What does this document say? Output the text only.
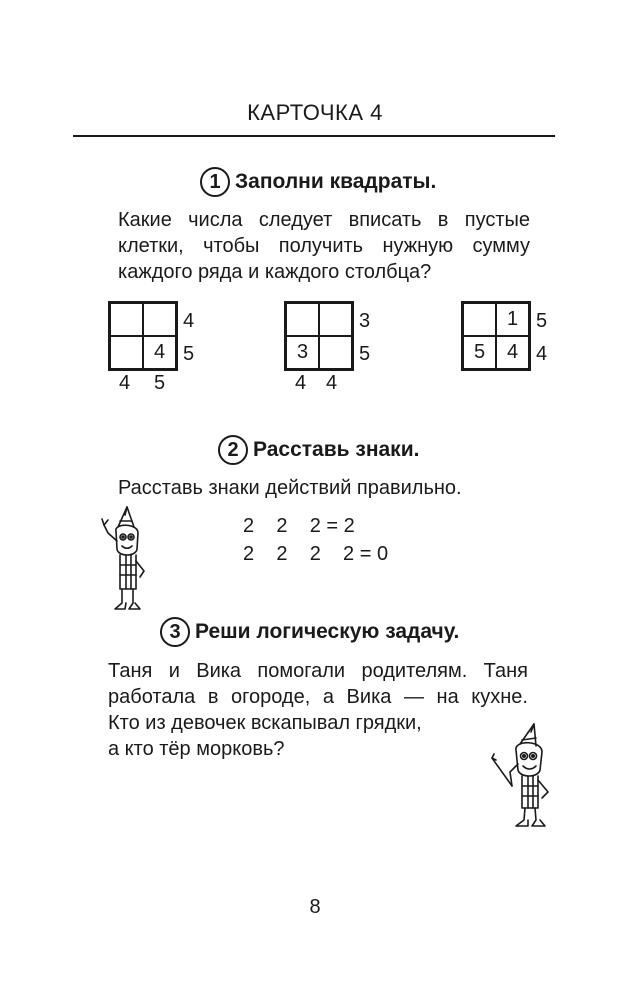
КАРТОЧКА 4
1 Заполни квадраты.
Какие числа следует вписать в пустые
клетки, чтобы получить нужную сумму
каждого ряда и каждого столбца?
4
4
5
4 5
3
3
5
4 4
1
5	4
5
4
2 Расставь знаки.
Расставь знаки действий правильно.
2    2    2 = 2
2    2    2    2 = 0
3 Реши логическую задачу.
Таня и Вика помогали родителям. Таня
работала в огороде, а Вика — на кухне.
Кто из девочек вскапывал грядки,
а кто тёр морковь?
8
